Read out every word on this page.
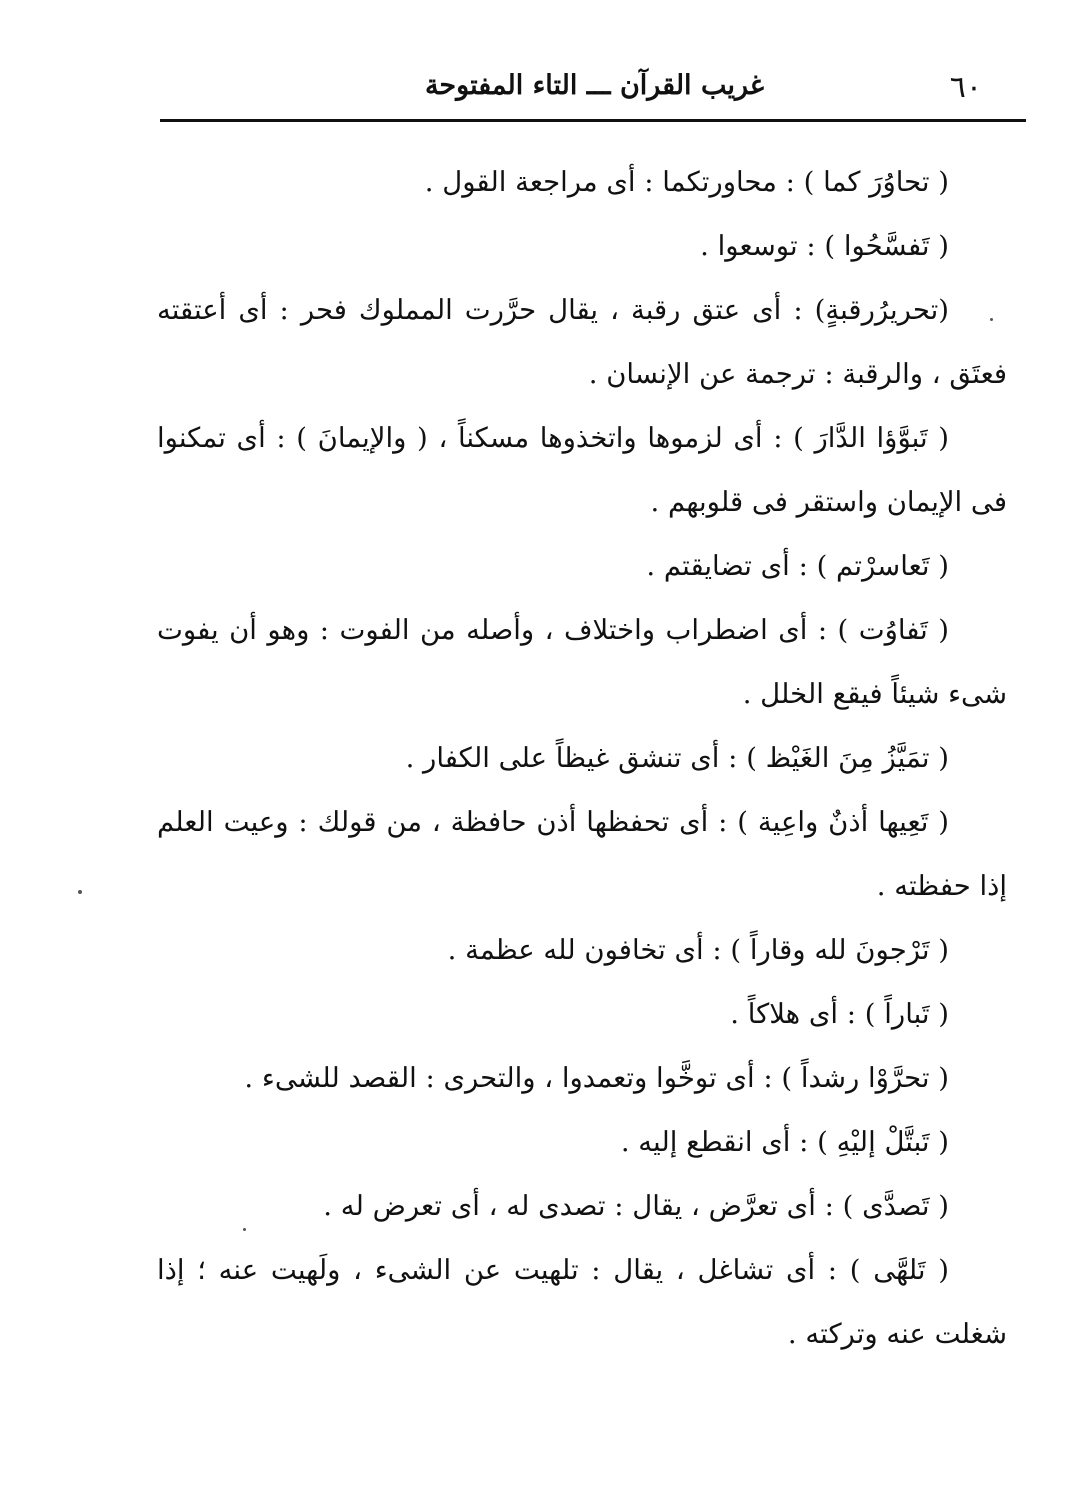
٦٠
غريب القرآن ـــ التاء المفتوحة
( تحاوُرَ كما ) : محاورتكما : أى مراجعة القول .
( تَفسَّحُوا ) : توسعوا .
(تحريرُرقبةٍ) : أى عتق رقبة ، يقال حرَّرت المملوك فحر : أى أعتقته فعتَق ، والرقبة : ترجمة عن الإنسان .
( تَبوَّؤا الدَّارَ ) : أى لزموها واتخذوها مسكناً ، ( والإيمانَ ) : أى تمكنوا فى الإيمان واستقر فى قلوبهم .
( تَعاسرْتم ) : أى تضايقتم .
( تَفاوُت ) : أى اضطراب واختلاف ، وأصله من الفوت : وهو أن يفوت شىء شيئاً فيقع الخلل .
( تمَيَّزُ مِنَ الغَيْظ ) : أى تنشق غيظاً على الكفار .
( تَعِيها أذنٌ واعِية ) : أى تحفظها أذن حافظة ، من قولك : وعيت العلم إذا حفظته .
( تَرْجونَ لله وقاراً ) : أى تخافون لله عظمة .
( تَباراً ) : أى هلاكاً .
( تحرَّوْا رشداً ) : أى توخَّوا وتعمدوا ، والتحرى : القصد للشىء .
( تَبتَّلْ إليْهِ ) : أى انقطع إليه .
( تَصدَّى ) : أى تعرَّض ، يقال : تصدى له ، أى تعرض له .
( تَلهَّى ) : أى تشاغل ، يقال : تلهيت عن الشىء ، ولَهيت عنه ؛ إذا شغلت عنه وتركته .
